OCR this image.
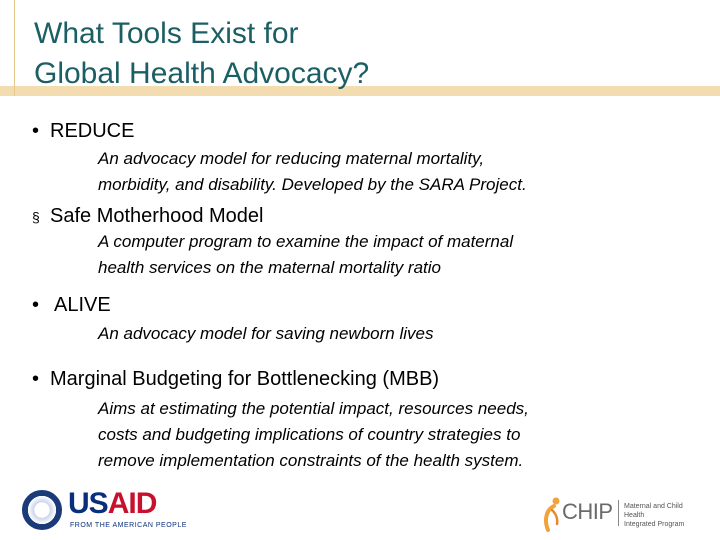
What Tools Exist for
Global Health Advocacy?
• REDUCE
An advocacy model for reducing maternal mortality,
morbidity, and disability. Developed by the SARA Project.
§ Safe Motherhood Model
A computer program to examine the impact of maternal
health services on the maternal mortality ratio
• ALIVE
An advocacy model for saving newborn lives
• Marginal Budgeting for Bottlenecking (MBB)
Aims at estimating the potential impact, resources needs,
costs and budgeting implications of country strategies to
remove implementation constraints of the health system.
USAID
FROM THE AMERICAN PEOPLE
CHIP Maternal and Child Health
Integrated Program
